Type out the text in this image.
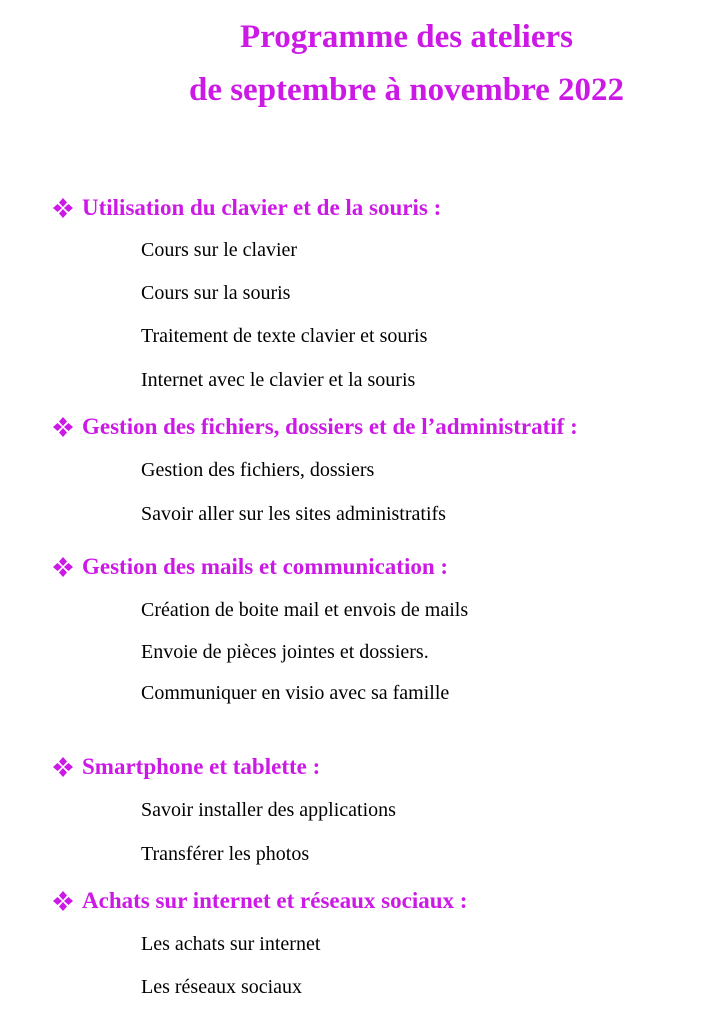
Programme des ateliers
de septembre à novembre 2022
Utilisation du clavier et de la souris :
Cours sur le clavier
Cours sur la souris
Traitement de texte clavier et souris
Internet avec le clavier et la souris
Gestion des fichiers, dossiers et de l’administratif :
Gestion des fichiers, dossiers
Savoir aller sur les sites administratifs
Gestion des mails et communication :
Création de boite mail et envois de mails
Envoie de pièces jointes et dossiers.
Communiquer en visio avec sa famille
Smartphone et tablette :
Savoir installer des applications
Transférer les photos
Achats sur internet et réseaux sociaux :
Les achats sur internet
Les réseaux sociaux
